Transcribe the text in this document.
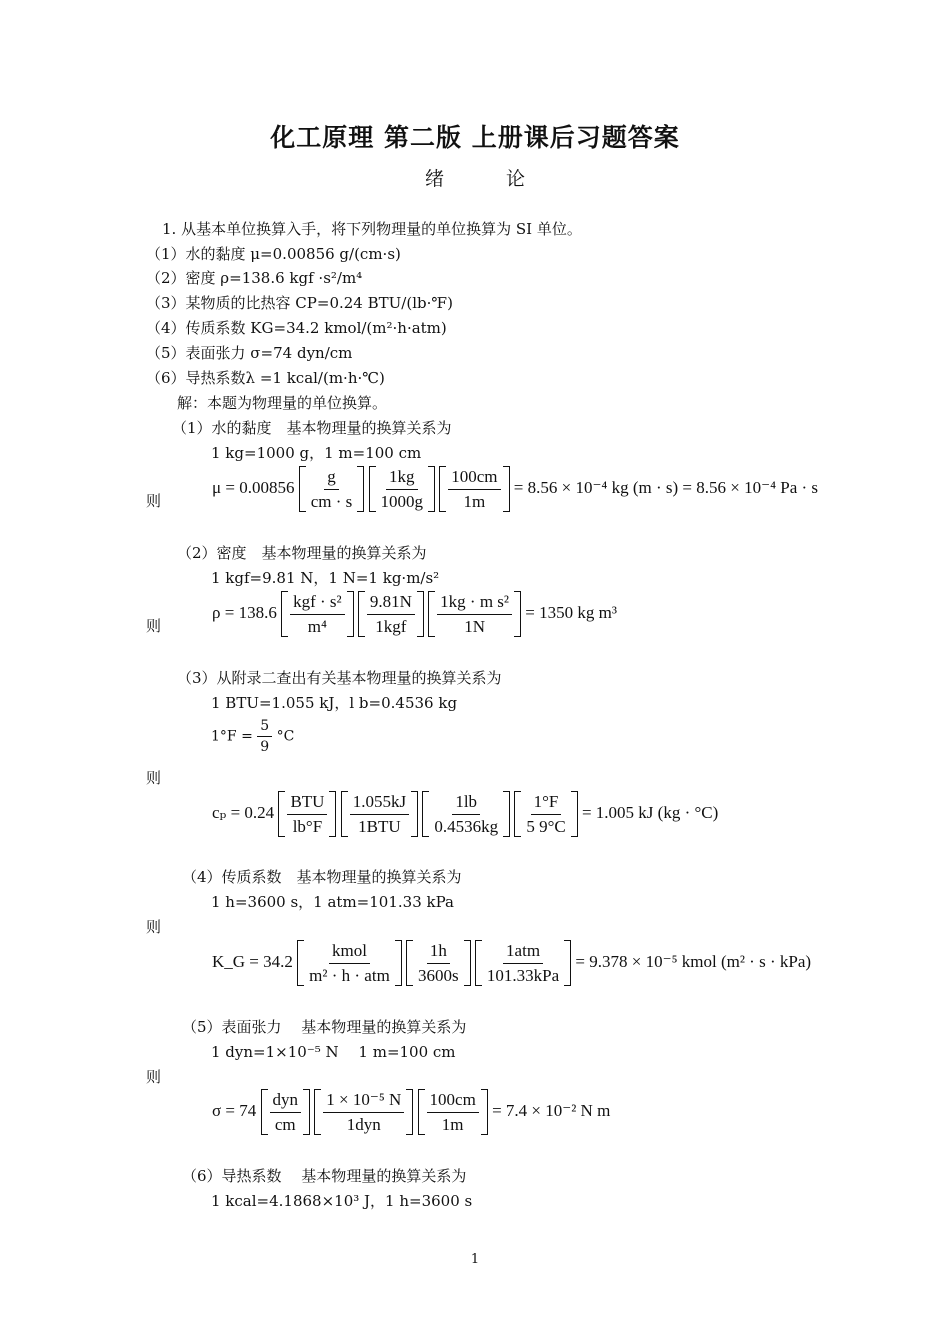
化工原理 第二版 上册课后习题答案
绪 论
1. 从基本单位换算入手，将下列物理量的单位换算为 SI 单位。
（1）水的黏度 μ=0.00856 g/(cm·s)
（2）密度 ρ=138.6 kgf ·s²/m⁴
（3）某物质的比热容 CP=0.24 BTU/(lb·℉)
（4）传质系数 KG=34.2 kmol/(m²·h·atm)
（5）表面张力 σ=74 dyn/cm
（6）导热系数λ =1 kcal/(m·h·℃)
解：本题为物理量的单位换算。
（1）水的黏度　基本物理量的换算关系为
1 kg=1000 g，1 m=100 cm
则
$\mu = 0.00856 \frac{g}{cm \cdot s}$
$\frac{1kg}{1000g}$
$\frac{100cm}{1m} = 8.56 \times 10^{-4}$ kg (m · s) = 8.56 × 10⁻⁴ Pa · s
（2）密度　基本物理量的换算关系为
1 kgf=9.81 N，1 N=1 kg·m/s²
则
$\rho = 138.6 \frac{\text{kgf · s²}}{\text{m⁴}}$
$\frac{9.81N}{\text{1kgf}}$
$\frac{\text{1kg · m s²}}{1N} = 1350$ kg m³
（3）从附录二查出有关基本物理量的换算关系为
1 BTU=1.055 kJ，l b=0.4536 kg
$1^\circ F = \frac{5}{9} ^\circ C$
则
$c_p = 0.24 \frac{\text{BTU}}{lb^\circ F}$
$\frac{1.055kJ}{\text{1BTU}}$
$\frac{1lb}{0.4536kg}$
$\frac{1^\circ F}{5 9^\circ C} = 1.005$ kJ (kg · °C)
（4）传质系数　基本物理量的换算关系为
1 h=3600 s，1 atm=101.33 kPa
则
K_G = $34.2 \frac{\text{kmol}}{\text{m² · h · atm}}$
$\frac{1h}{3600s}$
$\frac{\text{1atm}}{\text{101.33kPa}} = 9.378 \times 10^{-5}$ kmol (m² · s · kPa)
（5）表面张力　 基本物理量的换算关系为
1 dyn=1×10⁻⁵ N　 1 m=100 cm
则
$\sigma = 74 \frac{\text{dyn}}{cm}$
$\frac{\text{1 × 10⁻⁵ N}}{\text{1dyn}}$
$\frac{100cm}{1m} = 7.4 \times 10^{-2}$ N m
（6）导热系数　 基本物理量的换算关系为
1 kcal=4.1868×10³ J，1 h=3600 s
1
